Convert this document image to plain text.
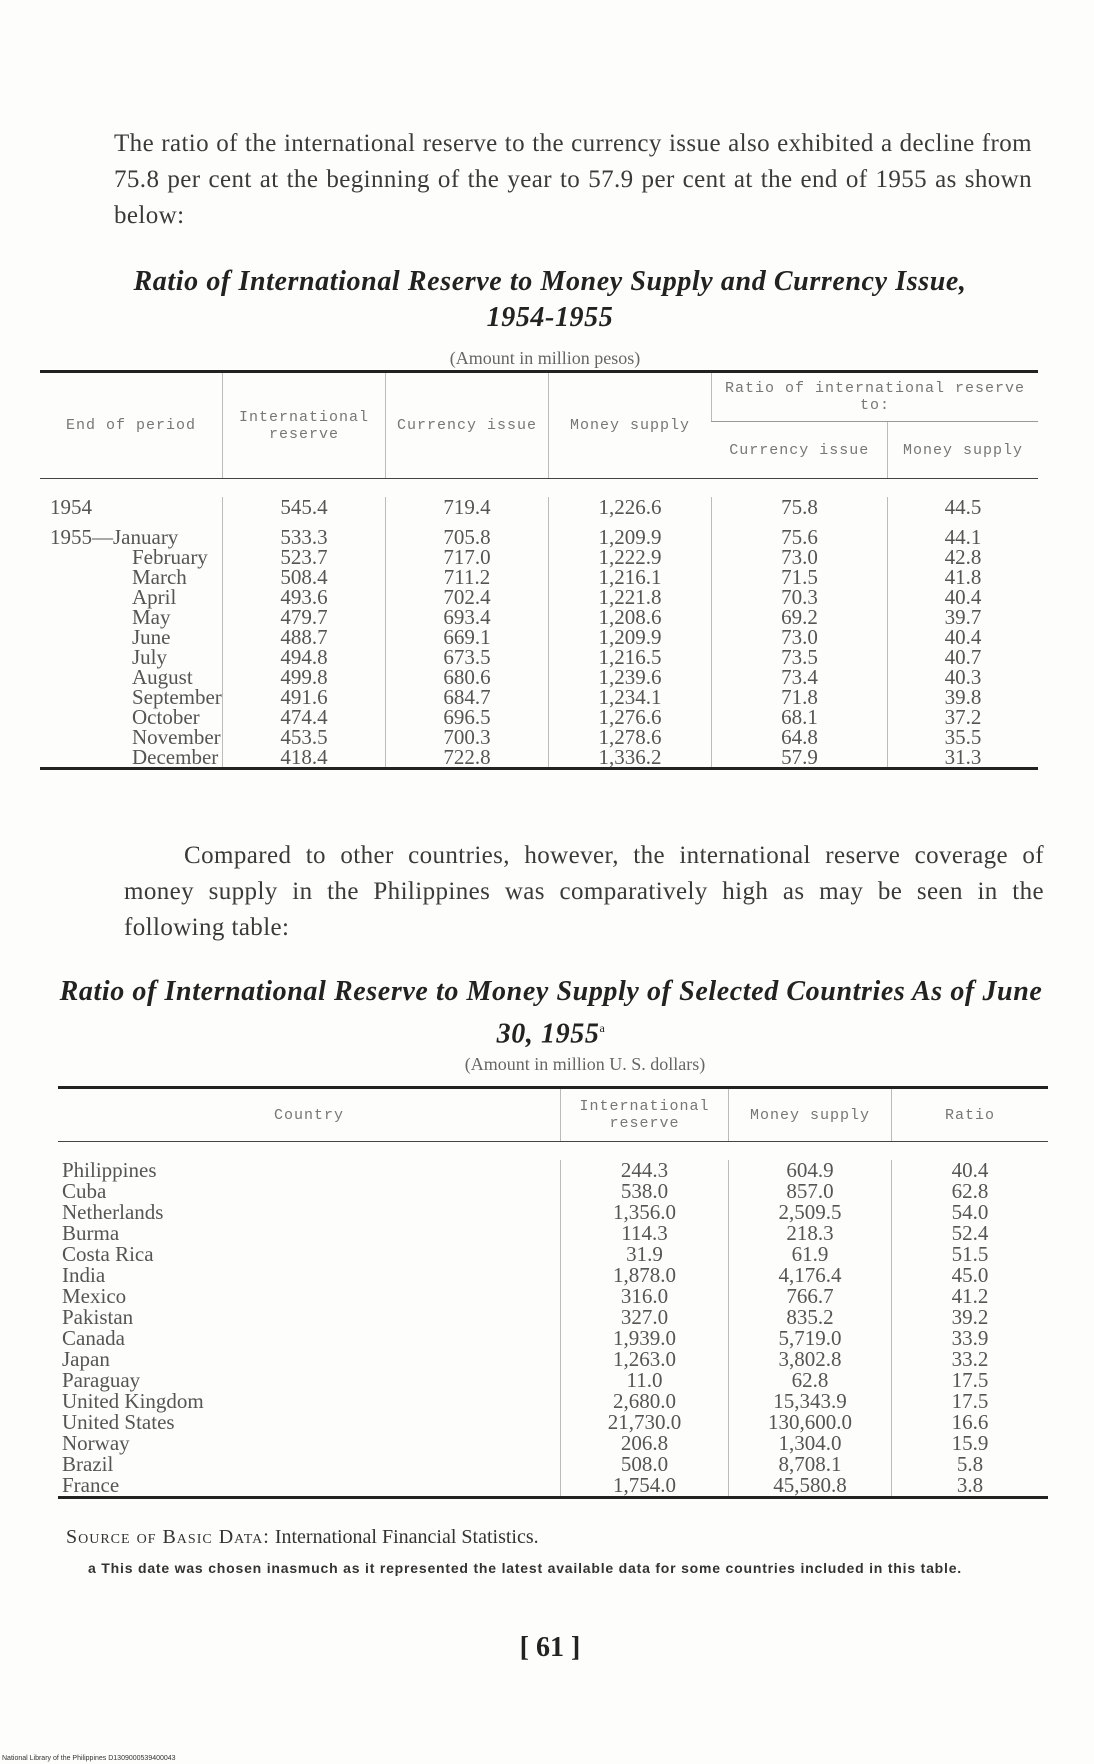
The ratio of the international reserve to the currency issue also exhibited a decline from 75.8 per cent at the beginning of the year to 57.9 per cent at the end of 1955 as shown below:

Ratio of International Reserve to Money Supply and Currency Issue, 1954-1955

(Amount in million pesos)

End of period	International reserve	Currency issue	Money supply	Ratio of international reserve to:	
				Currency issue	Money supply

1954	545.4	719.4	1,226.6	75.8	44.5
1955—January	533.3	705.8	1,209.9	75.6	44.1
February	523.7	717.0	1,222.9	73.0	42.8
March	508.4	711.2	1,216.1	71.5	41.8
April	493.6	702.4	1,221.8	70.3	40.4
May	479.7	693.4	1,208.6	69.2	39.7
June	488.7	669.1	1,209.9	73.0	40.4
July	494.8	673.5	1,216.5	73.5	40.7
August	499.8	680.6	1,239.6	73.4	40.3
September	491.6	684.7	1,234.1	71.8	39.8
October	474.4	696.5	1,276.6	68.1	37.2
November	453.5	700.3	1,278.6	64.8	35.5
December	418.4	722.8	1,336.2	57.9	31.3

Compared to other countries, however, the international reserve coverage of money supply in the Philippines was comparatively high as may be seen in the following table:

Ratio of International Reserve to Money Supply of Selected Countries As of June 30, 1955$^a$

(Amount in million U. S. dollars)

Country	International reserve	Money supply	Ratio

Philippines	244.3	604.9	40.4
Cuba	538.0	857.0	62.8
Netherlands	1,356.0	2,509.5	54.0
Burma	114.3	218.3	52.4
Costa Rica	31.9	61.9	51.5
India	1,878.0	4,176.4	45.0
Mexico	316.0	766.7	41.2
Pakistan	327.0	835.2	39.2
Canada	1,939.0	5,719.0	33.9
Japan	1,263.0	3,802.8	33.2
Paraguay	11.0	62.8	17.5
United Kingdom	2,680.0	15,343.9	17.5
United States	21,730.0	130,600.0	16.6
Norway	206.8	1,304.0	15.9
Brazil	508.0	8,708.1	5.8
France	1,754.0	45,580.8	3.8

Source of Basic Data: International Financial Statistics.

a This date was chosen inasmuch as it represented the latest available data for some countries included in this table.

[ 61 ]

National Library of the Philippines D1309000539400043
